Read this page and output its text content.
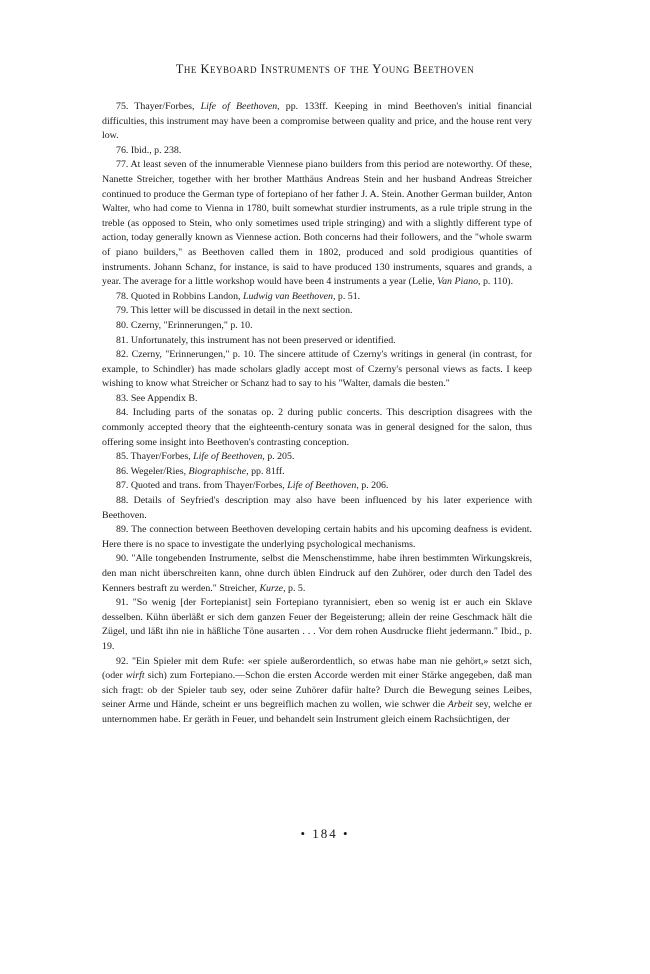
The Keyboard Instruments of the Young Beethoven

75. Thayer/Forbes, Life of Beethoven, pp. 133ff. Keeping in mind Beethoven's initial financial difficulties, this instrument may have been a compromise between quality and price, and the house rent very low.

76. Ibid., p. 238.

77. At least seven of the innumerable Viennese piano builders from this period are noteworthy. Of these, Nanette Streicher, together with her brother Matthäus Andreas Stein and her husband Andreas Streicher continued to produce the German type of fortepiano of her father J. A. Stein. Another German builder, Anton Walter, who had come to Vienna in 1780, built somewhat sturdier instruments, as a rule triple strung in the treble (as opposed to Stein, who only sometimes used triple stringing) and with a slightly different type of action, today generally known as Viennese action. Both concerns had their followers, and the "whole swarm of piano builders," as Beethoven called them in 1802, produced and sold prodigious quantities of instruments. Johann Schanz, for instance, is said to have produced 130 instruments, squares and grands, a year. The average for a little workshop would have been 4 instruments a year (Lelie, Van Piano, p. 110).

78. Quoted in Robbins Landon, Ludwig van Beethoven, p. 51.

79. This letter will be discussed in detail in the next section.

80. Czerny, "Erinnerungen," p. 10.

81. Unfortunately, this instrument has not been preserved or identified.

82. Czerny, "Erinnerungen," p. 10. The sincere attitude of Czerny's writings in general (in contrast, for example, to Schindler) has made scholars gladly accept most of Czerny's personal views as facts. I keep wishing to know what Streicher or Schanz had to say to his "Walter, damals die besten."

83. See Appendix B.

84. Including parts of the sonatas op. 2 during public concerts. This description disagrees with the commonly accepted theory that the eighteenth-century sonata was in general designed for the salon, thus offering some insight into Beethoven's contrasting conception.

85. Thayer/Forbes, Life of Beethoven, p. 205.

86. Wegeler/Ries, Biographische, pp. 81ff.

87. Quoted and trans. from Thayer/Forbes, Life of Beethoven, p. 206.

88. Details of Seyfried's description may also have been influenced by his later experience with Beethoven.

89. The connection between Beethoven developing certain habits and his upcoming deafness is evident. Here there is no space to investigate the underlying psychological mechanisms.

90. "Alle tongebenden Instrumente, selbst die Menschenstimme, habe ihren bestimmten Wirkungskreis, den man nicht überschreiten kann, ohne durch üblen Eindruck auf den Zuhörer, oder durch den Tadel des Kenners bestraft zu werden." Streicher, Kurze, p. 5.

91. "So wenig [der Fortepianist] sein Fortepiano tyrannisiert, eben so wenig ist er auch ein Sklave desselben. Kühn überläßt er sich dem ganzen Feuer der Begeisterung; allein der reine Geschmack hält die Zügel, und läßt ihn nie in häßliche Töne ausarten . . . Vor dem rohen Ausdrucke flieht jedermann." Ibid., p. 19.

92. "Ein Spieler mit dem Rufe: «er spiele außerordentlich, so etwas habe man nie gehört,» setzt sich, (oder wirft sich) zum Fortepiano.—Schon die ersten Accorde werden mit einer Stärke angegeben, daß man sich fragt: ob der Spieler taub sey, oder seine Zuhörer dafür halte? Durch die Bewegung seines Leibes, seiner Arme und Hände, scheint er uns begreiflich machen zu wollen, wie schwer die Arbeit sey, welche er unternommen habe. Er geräth in Feuer, und behandelt sein Instrument gleich einem Rachsüchtigen, der

• 184 •
